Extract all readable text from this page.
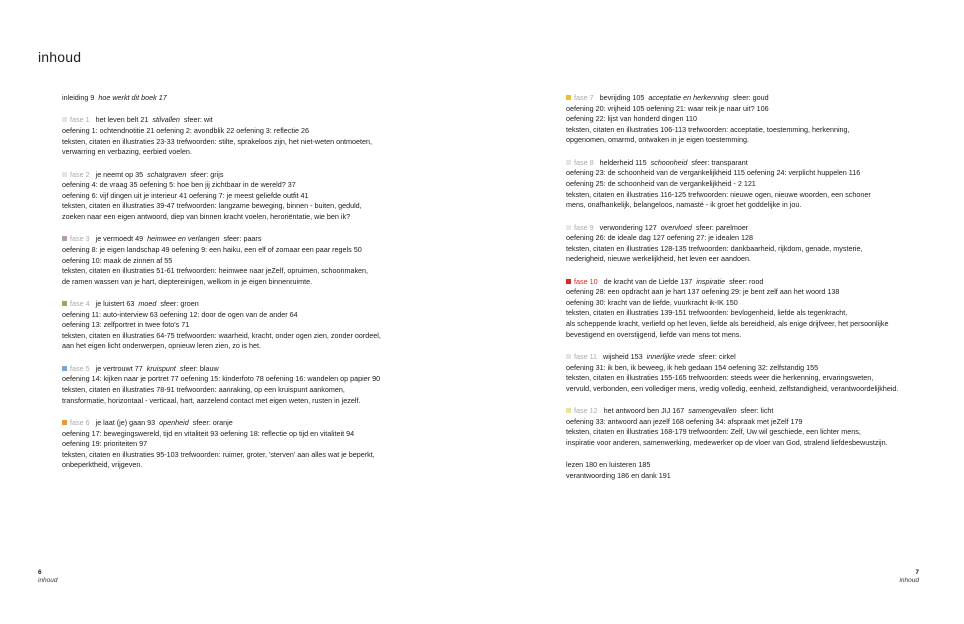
inhoud
inleiding 9 hoe werkt dit boek 17
fase 1 het leven belt 21 stilvallen sfeer: wit
oefening 1: ochtendnotitie 21 oefening 2: avondblik 22 oefening 3: reflectie 26
teksten, citaten en illustraties 23-33 trefwoorden: stilte, sprakeloos zijn, het niet-weten ontmoeten,
verwarring en verbazing, eerbied voelen.
fase 2 je neemt op 35 schatgraven sfeer: grijs
oefening 4: de vraag 35 oefening 5: hoe ben jij zichtbaar in de wereld? 37
oefening 6: vijf dingen uit je interieur 41 oefening 7: je meest geliefde outfit 41
teksten, citaten en illustraties 39-47 trefwoorden: langzame beweging, binnen - buiten, geduld,
zoeken naar een eigen antwoord, diep van binnen kracht voelen, heroriëntatie, wie ben ik?
fase 3 je vermoedt 49 heimwee en verlangen sfeer: paars
oefening 8: je eigen landschap 49 oefening 9: een haiku, een elf of zomaar een paar regels 50
oefening 10: maak de zinnen af 55
teksten, citaten en illustraties 51-61 trefwoorden: heimwee naar jeZelf, opruimen, schoonmaken,
de ramen wassen van je hart, dieptereinigen, welkom in je eigen binnenruimte.
fase 4 je luistert 63 moed sfeer: groen
oefening 11: auto-interview 63 oefening 12: door de ogen van de ander 64
oefening 13: zelfportret in twee foto's 71
teksten, citaten en illustraties 64-75 trefwoorden: waarheid, kracht, onder ogen zien, zonder oordeel,
aan het eigen licht onderwerpen, opnieuw leren zien, zo is het.
fase 5 je vertrouwt 77 kruispunt sfeer: blauw
oefening 14: kijken naar je portret 77 oefening 15: kinderfoto 78 oefening 16: wandelen op papier 90
teksten, citaten en illustraties 78-91 trefwoorden: aanraking, op een kruispunt aankomen,
transformatie, horizontaal - verticaal, hart, aarzelend contact met eigen weten, rusten in jezelf.
fase 6 je laat (je) gaan 93 openheid sfeer: oranje
oefening 17: bewegingswereld, tijd en vitaliteit 93 oefening 18: reflectie op tijd en vitaliteit 94
oefening 19: prioriteiten 97
teksten, citaten en illustraties 95-103 trefwoorden: ruimer, groter, 'sterven' aan alles wat je beperkt,
onbeperktheid, vrijgeven.
fase 7 bevrijding 105 acceptatie en herkenning sfeer: goud
oefening 20: vrijheid 105 oefening 21: waar reik je naar uit? 106
oefening 22: lijst van honderd dingen 110
teksten, citaten en illustraties 106-113 trefwoorden: acceptatie, toestemming, herkenning,
opgenomen, omarmd, ontwaken in je eigen toestemming.
fase 8 helderheid 115 schoonheid sfeer: transparant
oefening 23: de schoonheid van de vergankelijkheid 115 oefening 24: verplicht huppelen 116
oefening 25: de schoonheid van de vergankelijkheid - 2 121
teksten, citaten en illustraties 116-125 trefwoorden: nieuwe ogen, nieuwe woorden, een schoner
mens, onafhankelijk, belangeloos, namasté - ik groet het goddelijke in jou.
fase 9 verwondering 127 overvloed sfeer: parelmoer
oefening 26: de ideale dag 127 oefening 27: je idealen 128
teksten, citaten en illustraties 128-135 trefwoorden: dankbaarheid, rijkdom, genade, mysterie,
nederigheid, nieuwe werkelijkheid, het leven eer aandoen.
fase 10 de kracht van de Liefde 137 inspiratie sfeer: rood
oefening 28: een opdracht aan je hart 137 oefening 29: je bent zelf aan het woord 138
oefening 30: kracht van de liefde, vuurkracht ik-IK 150
teksten, citaten en illustraties 139-151 trefwoorden: bevlogenheid, liefde als tegenkracht,
als scheppende kracht, verliefd op het leven, liefde als bereidheid, als enige drijfveer, het persoonlijke
bevestigend en overstijgend, liefde van mens tot mens.
fase 11 wijsheid 153 innerlijke vrede sfeer: cirkel
oefening 31: ik ben, ik beweeg, ik heb gedaan 154 oefening 32: zelfstandig 155
teksten, citaten en illustraties 155-165 trefwoorden: steeds weer die herkenning, ervaringsweten,
vervuld, verbonden, een vollediger mens, vredig volledig, eenheid, zelfstandigheid, verantwoordelijkheid.
fase 12 het antwoord ben JIJ 167 samengevallen sfeer: licht
oefening 33: antwoord aan jezelf 168 oefening 34: afspraak met jeZelf 179
teksten, citaten en illustraties 168-179 trefwoorden: Zelf, Uw wil geschiede, een lichter mens,
inspiratie voor anderen, samenwerking, medewerker op de vloer van God, stralend liefdesbewustzijn.
lezen 180 en luisteren 185
verantwoording 186 en dank 191
6
inhoud
7
inhoud
